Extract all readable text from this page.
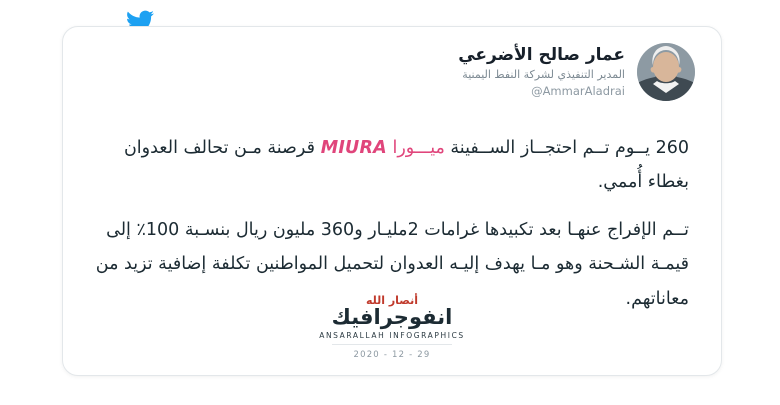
عمار صالح الأضرعي
المدير التنفيذي لشركة النفط اليمنية
@AmmarAladrai

260 يــوم تــم احتجــاز الســفينة ميـــورا MIURA قرصنة مـن تحالف العدوان بغطاء أُممي.

تــم الإفراج عنهـا بعد تكبيدها غرامات 2مليـار و360 مليون ريال بنسـبة 100٪ إلى قيمـة الشـحنة وهو مـا يهدف إليـه العدوان لتحميل المواطنين تكلفة إضافية تزيد من معاناتهم.

أنصار الله
انفوجرافيك
ANSARALLAH INFOGRAPHICS
2020 - 12 - 29
